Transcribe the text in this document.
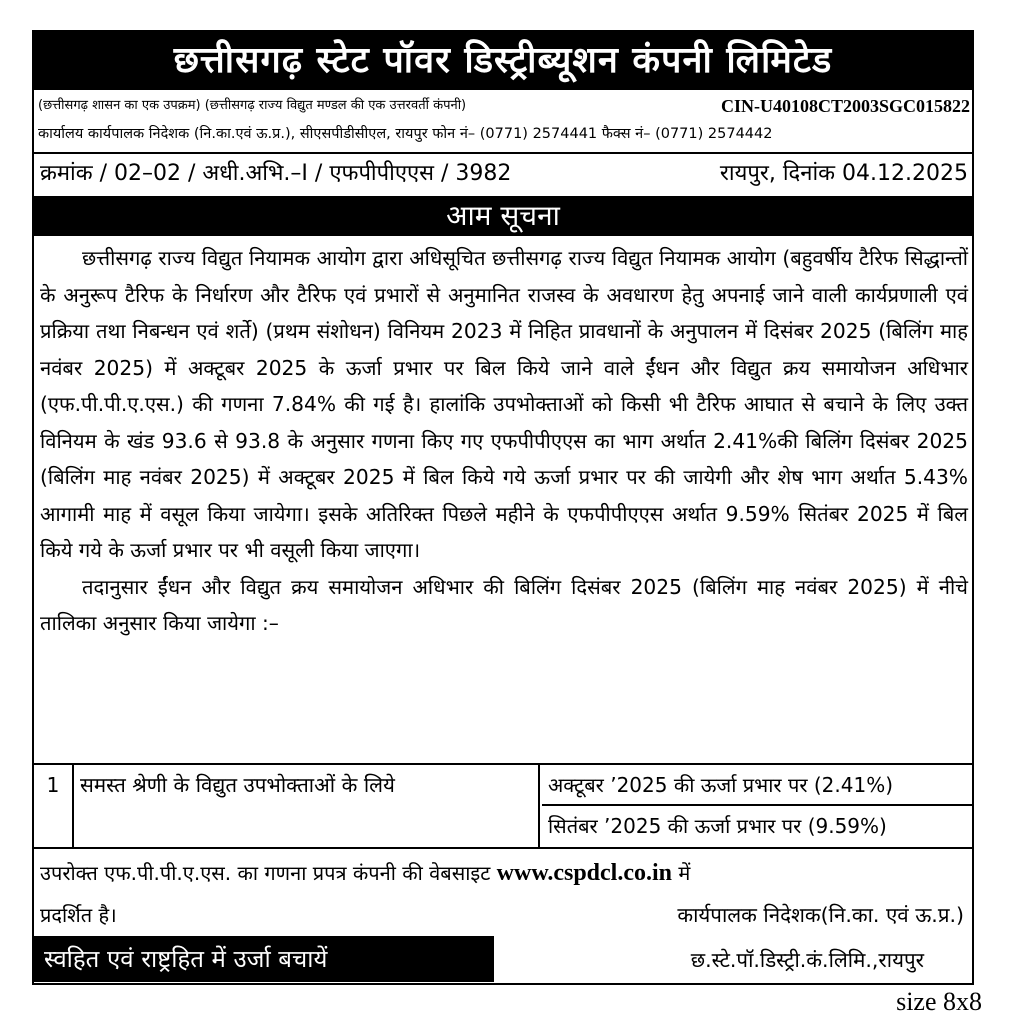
छत्तीसगढ़ स्टेट पॉवर डिस्ट्रीब्यूशन कंपनी लिमिटेड
(छत्तीसगढ़ शासन का एक उपक्रम) (छत्तीसगढ़ राज्य विद्युत मण्डल की एक उत्तरवर्ती कंपनी)	CIN-U40108CT2003SGC015822
कार्यालय कार्यपालक निदेशक (नि.का.एवं ऊ.प्र.), सीएसपीडीसीएल, रायपुर फोन नं– (0771) 2574441 फैक्स नं– (0771) 2574442
क्रमांक / 02–02 / अधी.अभि.–I / एफपीपीएएस / 3982	रायपुर, दिनांक 04.12.2025
आम सूचना

छत्तीसगढ़ राज्य विद्युत नियामक आयोग द्वारा अधिसूचित छत्तीसगढ़ राज्य विद्युत नियामक आयोग (बहुवर्षीय टैरिफ सिद्धान्तों के अनुरूप टैरिफ के निर्धारण और टैरिफ एवं प्रभारों से अनुमानित राजस्व के अवधारण हेतु अपनाई जाने वाली कार्यप्रणाली एवं प्रक्रिया तथा निबन्धन एवं शर्ते) (प्रथम संशोधन) विनियम 2023 में निहित प्रावधानों के अनुपालन में दिसंबर 2025 (बिलिंग माह नवंबर 2025) में अक्टूबर 2025 के ऊर्जा प्रभार पर बिल किये जाने वाले ईंधन और विद्युत क्रय समायोजन अधिभार (एफ.पी.पी.ए.एस.) की गणना 7.84% की गई है। हालांकि उपभोक्ताओं को किसी भी टैरिफ आघात से बचाने के लिए उक्त विनियम के खंड 93.6 से 93.8 के अनुसार गणना किए गए एफपीपीएएस का भाग अर्थात 2.41%की बिलिंग दिसंबर 2025 (बिलिंग माह नवंबर 2025) में अक्टूबर 2025 में बिल किये गये ऊर्जा प्रभार पर की जायेगी और शेष भाग अर्थात 5.43% आगामी माह में वसूल किया जायेगा। इसके अतिरिक्त पिछले महीने के एफपीपीएएस अर्थात 9.59% सितंबर 2025 में बिल किये गये के ऊर्जा प्रभार पर भी वसूली किया जाएगा।

तदानुसार ईंधन और विद्युत क्रय समायोजन अधिभार की बिलिंग दिसंबर 2025 (बिलिंग माह नवंबर 2025) में नीचे तालिका अनुसार किया जायेगा :–

1	समस्त श्रेणी के विद्युत उपभोक्ताओं के लिये	अक्टूबर ’2025 की ऊर्जा प्रभार पर (2.41%)
सितंबर ’2025 की ऊर्जा प्रभार पर (9.59%)
उपरोक्त एफ.पी.पी.ए.एस. का गणना प्रपत्र कंपनी की वेबसाइट www.cspdcl.co.in में
प्रदर्शित है।	कार्यपालक निदेशक(नि.का. एवं ऊ.प्र.)
स्वहित एवं राष्ट्रहित में उर्जा बचायें	छ.स्टे.पॉ.डिस्ट्री.कं.लिमि.,रायपुर
size 8x8
